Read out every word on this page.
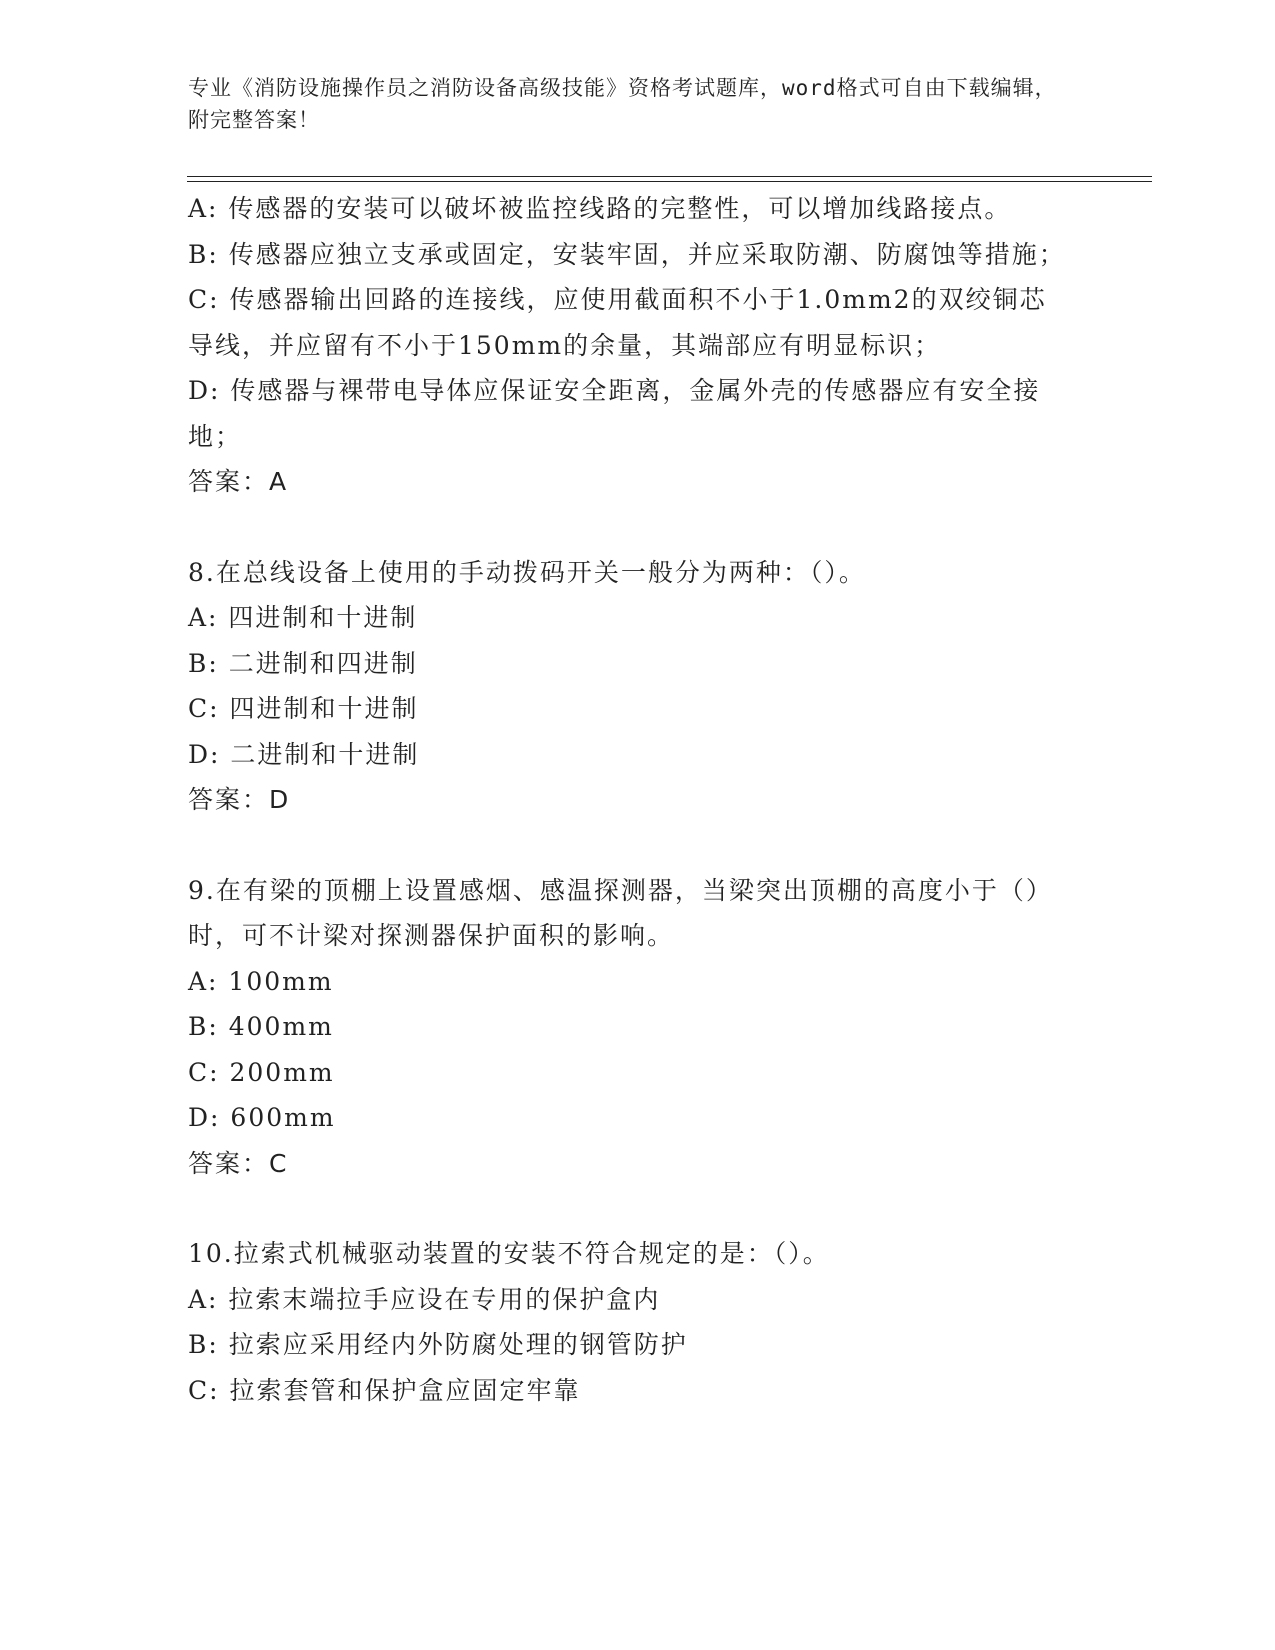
专业《消防设施操作员之消防设备高级技能》资格考试题库，word格式可自由下载编辑，附完整答案！
A: 传感器的安装可以破坏被监控线路的完整性，可以增加线路接点。
B: 传感器应独立支承或固定，安装牢固，并应采取防潮、防腐蚀等措施；
C: 传感器输出回路的连接线，应使用截面积不小于1.0mm2的双绞铜芯导线，并应留有不小于150mm的余量，其端部应有明显标识；
D: 传感器与裸带电导体应保证安全距离，金属外壳的传感器应有安全接地；
答案：A
8.在总线设备上使用的手动拨码开关一般分为两种：（）。
A: 四进制和十进制
B: 二进制和四进制
C: 四进制和十进制
D: 二进制和十进制
答案：D
9.在有梁的顶棚上设置感烟、感温探测器，当梁突出顶棚的高度小于（）时，可不计梁对探测器保护面积的影响。
A: 100mm
B: 400mm
C: 200mm
D: 600mm
答案：C
10.拉索式机械驱动装置的安装不符合规定的是：（）。
A: 拉索末端拉手应设在专用的保护盒内
B: 拉索应采用经内外防腐处理的钢管防护
C: 拉索套管和保护盒应固定牢靠
